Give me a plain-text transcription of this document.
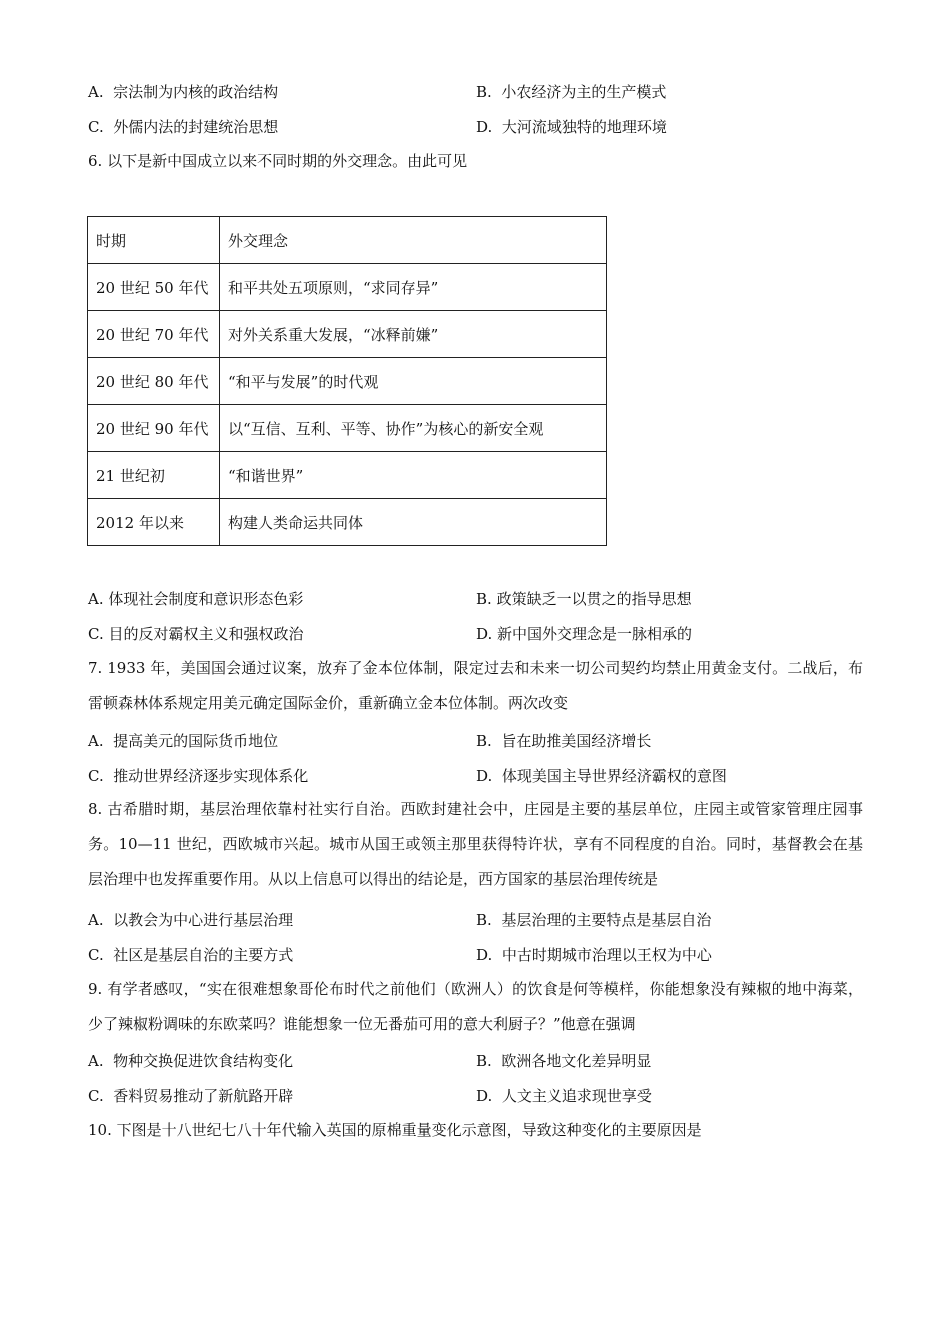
A. 宗法制为内核的政治结构	B. 小农经济为主的生产模式
C. 外儒内法的封建统治思想	D. 大河流域独特的地理环境
6. 以下是新中国成立以来不同时期的外交理念。由此可见
时期	外交理念
20 世纪 50 年代	和平共处五项原则，“求同存异”
20 世纪 70 年代	对外关系重大发展，“冰释前嫌”
20 世纪 80 年代	“和平与发展”的时代观
20 世纪 90 年代	以“互信、互利、平等、协作”为核心的新安全观
21 世纪初	“和谐世界”
2012 年以来	构建人类命运共同体
A. 体现社会制度和意识形态色彩	B. 政策缺乏一以贯之的指导思想
C. 目的反对霸权主义和强权政治	D. 新中国外交理念是一脉相承的
7. 1933 年，美国国会通过议案，放弃了金本位体制，限定过去和未来一切公司契约均禁止用黄金支付。二战后，布雷顿森林体系规定用美元确定国际金价，重新确立金本位体制。两次改变
A. 提高美元的国际货币地位	B. 旨在助推美国经济增长
C. 推动世界经济逐步实现体系化	D. 体现美国主导世界经济霸权的意图
8. 古希腊时期，基层治理依靠村社实行自治。西欧封建社会中，庄园是主要的基层单位，庄园主或管家管理庄园事务。10—11 世纪，西欧城市兴起。城市从国王或领主那里获得特许状，享有不同程度的自治。同时，基督教会在基层治理中也发挥重要作用。从以上信息可以得出的结论是，西方国家的基层治理传统是
A. 以教会为中心进行基层治理	B. 基层治理的主要特点是基层自治
C. 社区是基层自治的主要方式	D. 中古时期城市治理以王权为中心
9. 有学者感叹，“实在很难想象哥伦布时代之前他们（欧洲人）的饮食是何等模样，你能想象没有辣椒的地中海菜，少了辣椒粉调味的东欧菜吗？谁能想象一位无番茄可用的意大利厨子？”他意在强调
A. 物种交换促进饮食结构变化	B. 欧洲各地文化差异明显
C. 香料贸易推动了新航路开辟	D. 人文主义追求现世享受
10. 下图是十八世纪七八十年代输入英国的原棉重量变化示意图，导致这种变化的主要原因是
